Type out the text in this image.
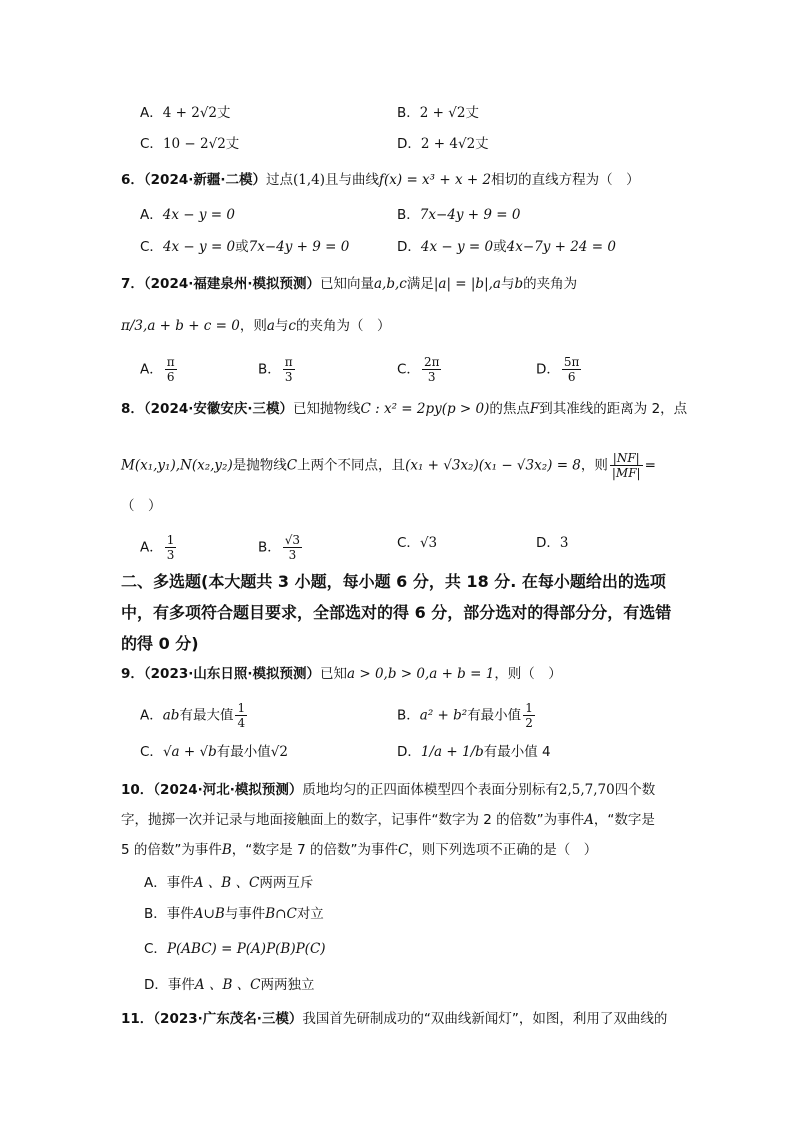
A．4 + 2√2丈	B．2 + √2丈
C．10 − 2√2丈	D．2 + 4√2丈
6．（2024·新疆·二模）过点(1,4)且与曲线f(x) = x³ + x + 2相切的直线方程为（　）
A．4x − y = 0	B．7x−4y + 9 = 0
C．4x − y = 0或7x−4y + 9 = 0	D．4x − y = 0或4x−7y + 24 = 0
7．（2024·福建泉州·模拟预测）已知向量a,b,c满足|a| = |b|,a与b的夹角为
π/3,a + b + c = 0，则a与c的夹角为（　）
A． $\frac{\pi}{6}$	B． $\frac{\pi}{3}$	C． $\frac{2\pi}{3}$	D． $\frac{5\pi}{6}$
8．（2024·安徽安庆·三模）已知抛物线C : x² = 2py(p > 0)的焦点F到其准线的距离为 2，点
M(x₁,y₁),N(x₂,y₂)是抛物线C上两个不同点，且(x₁ + √3x₂)(x₁ − √3x₂) = 8，则 $\frac{|NF|}{|MF|}$ =
（　）
A． $\frac{1}{3}$	B． $\frac{√3}{3}$	C．√3	D．3
二、多选题(本大题共 3 小题，每小题 6 分，共 18 分. 在每小题给出的选项中，有多项符合题目要求，全部选对的得 6 分，部分选对的得部分分，有选错的得 0 分)
9．（2023·山东日照·模拟预测）已知a > 0,b > 0,a + b = 1，则（　）
A．ab有最大值 $\frac{1}{4}$	B．a² + b²有最小值 $\frac{1}{2}$
C．√a + √b有最小值√2	D．1/a + 1/b有最小值 4
10．（2024·河北·模拟预测）质地均匀的正四面体模型四个表面分别标有2,5,7,70四个数
字，抛掷一次并记录与地面接触面上的数字，记事件“数字为 2 的倍数”为事件A，“数字是
5 的倍数”为事件B，“数字是 7 的倍数”为事件C，则下列选项不正确的是（　）
A．事件A 、B 、C两两互斥
B．事件A∪B与事件B∩C对立
C．P(ABC) = P(A)P(B)P(C)
D．事件A 、B 、C两两独立
11．（2023·广东茂名·三模）我国首先研制成功的“双曲线新闻灯”，如图，利用了双曲线的
